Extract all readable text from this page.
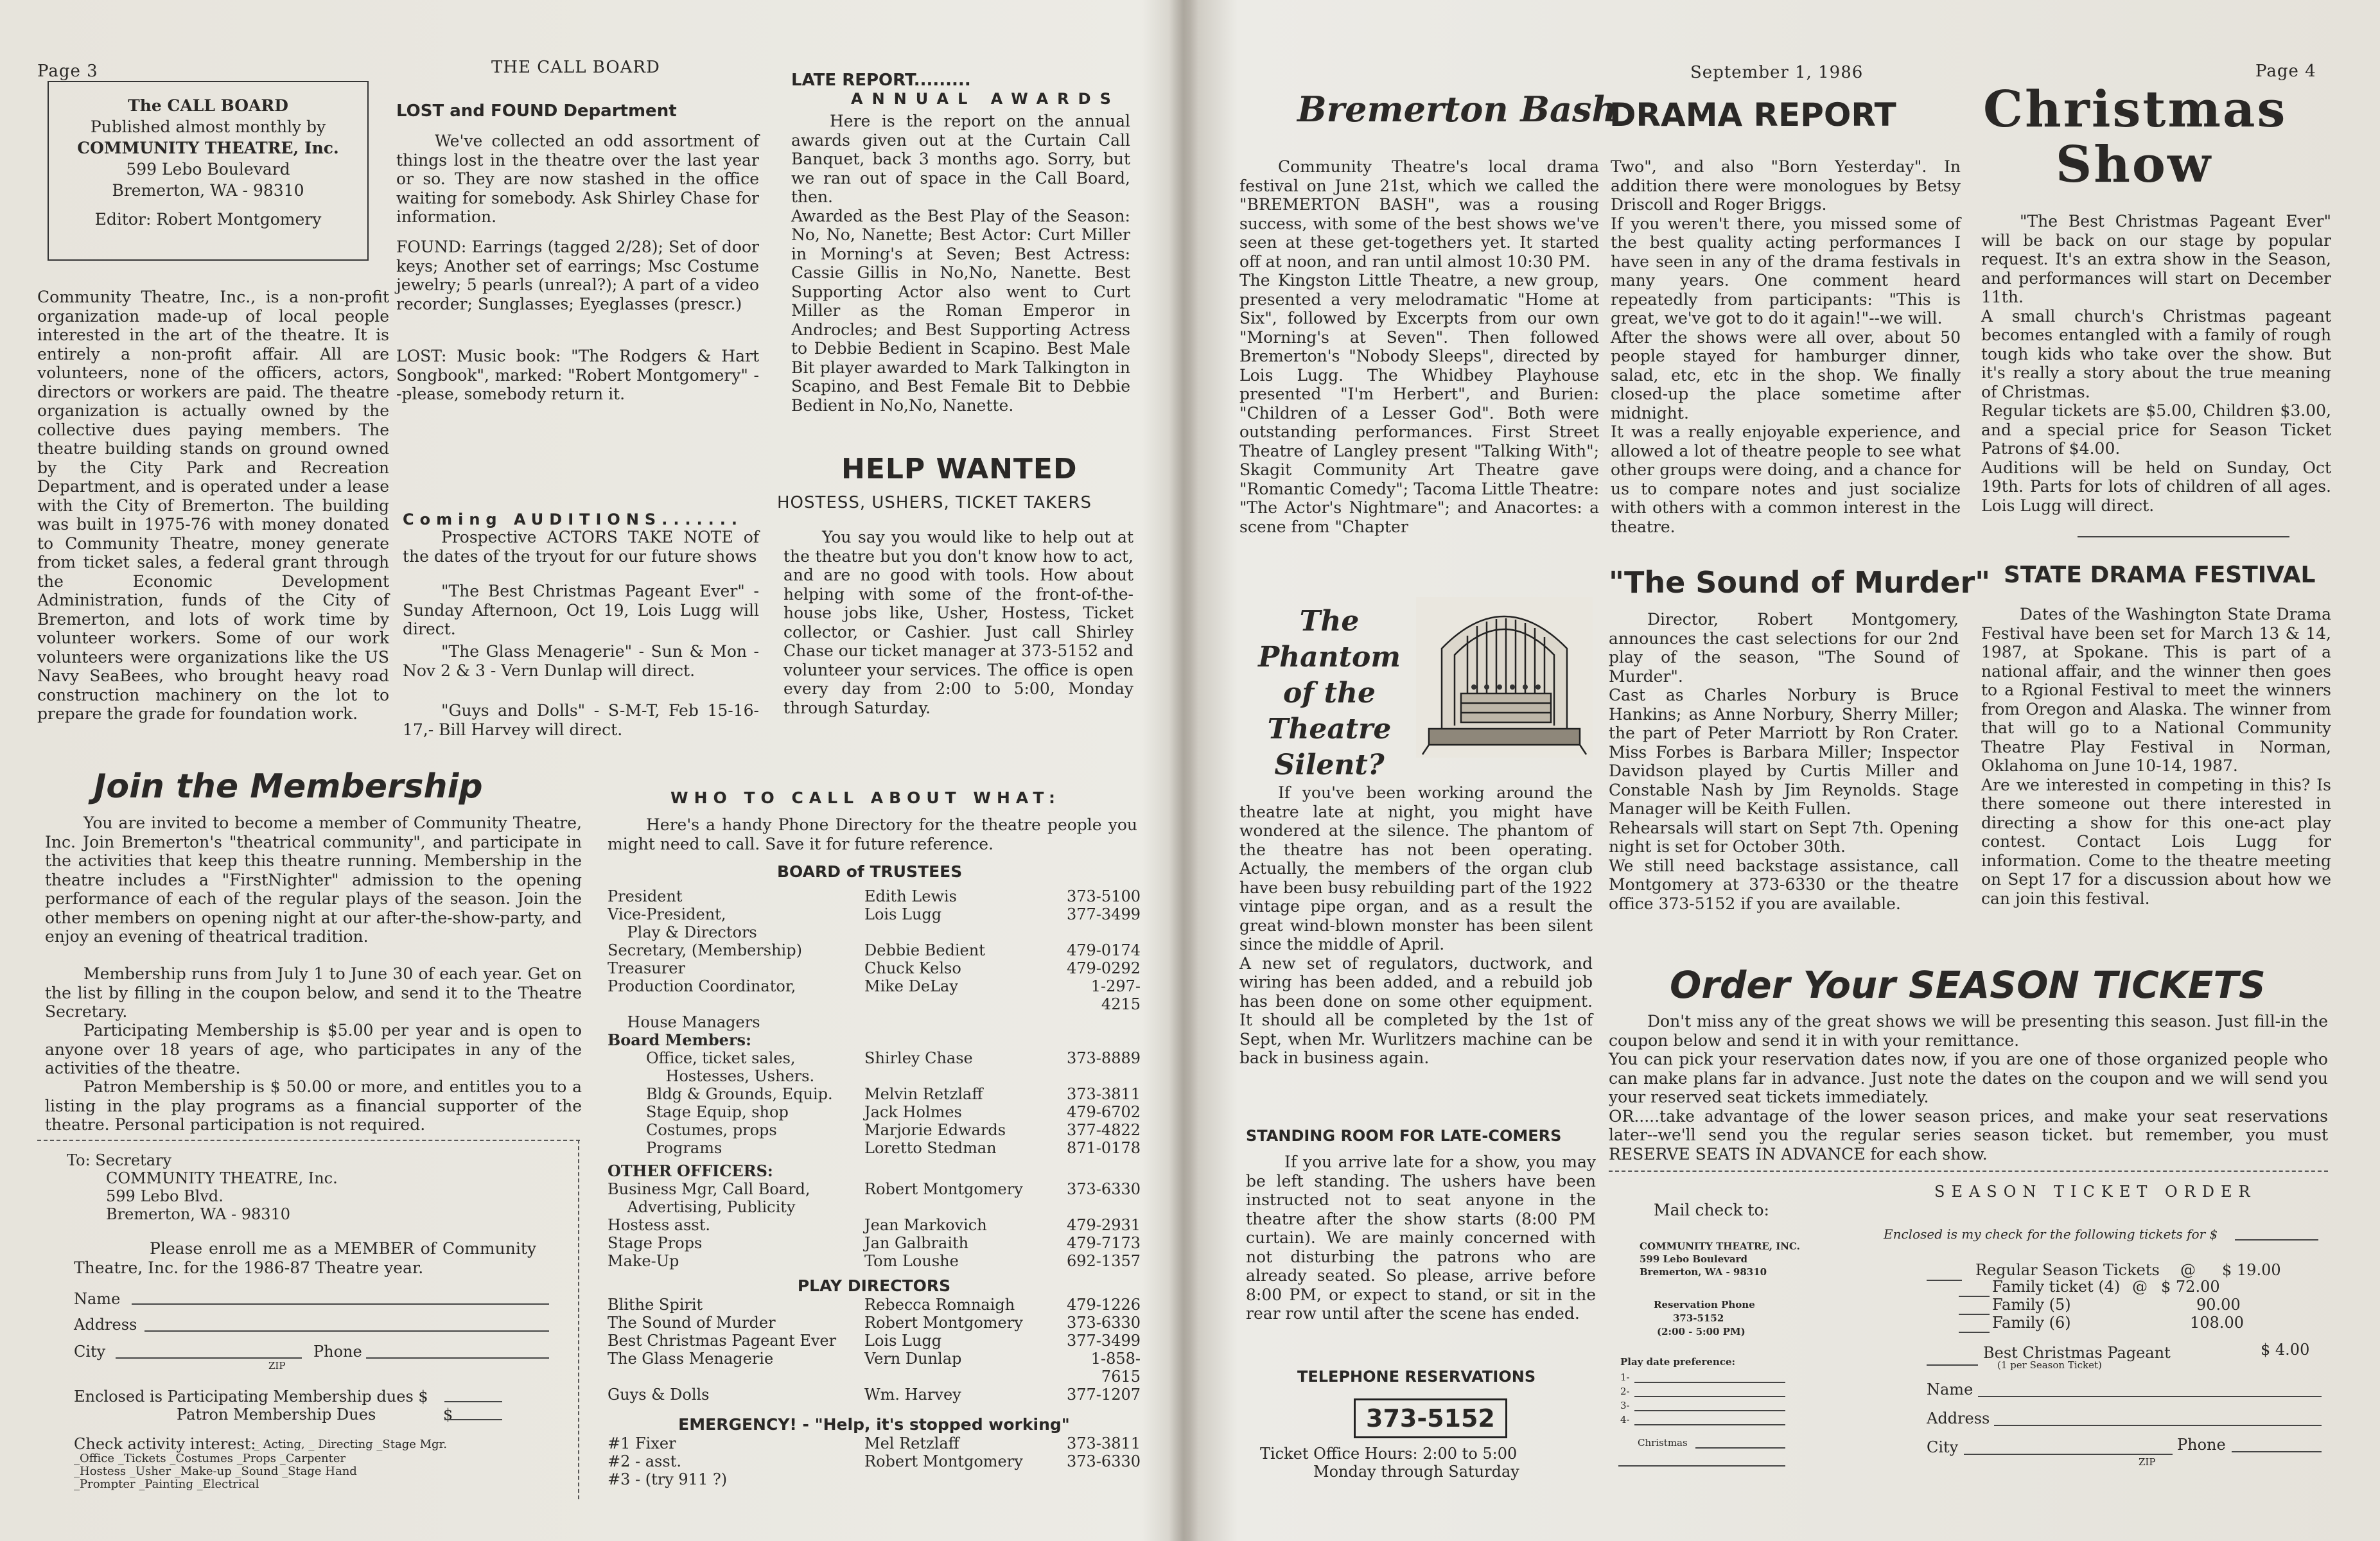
Page 3	THE CALL BOARD
The CALL BOARD
Published almost monthly by
COMMUNITY THEATRE, Inc.
599 Lebo Boulevard
Bremerton, WA - 98310
Editor: Robert Montgomery
Community Theatre, Inc., is a non-profit organization made-up of local people interested in the art of the theatre. It is entirely a non-profit affair. All are volunteers, none of the officers, actors, directors or workers are paid. The theatre organization is actually owned by the collective dues paying members. The theatre building stands on ground owned by the City Park and Recreation Department, and is operated under a lease with the City of Bremerton. The building was built in 1975-76 with money donated to Community Theatre, money generate from ticket sales, a federal grant through the Economic Development Administration, funds of the City of Bremerton, and lots of work time by volunteer workers. Some of our work volunteers were organizations like the US Navy SeaBees, who brought heavy road construction machinery on the lot to prepare the grade for foundation work.
LOST and FOUND Department
We've collected an odd assortment of things lost in the theatre over the last year or so. They are now stashed in the office waiting for somebody. Ask Shirley Chase for information.
FOUND: Earrings (tagged 2/28); Set of door keys; Another set of earrings; Msc Costume jewelry; 5 pearls (unreal?); A part of a video recorder; Sunglasses; Eyeglasses (prescr.)
LOST: Music book: "The Rodgers & Hart Songbook", marked: "Robert Montgomery" --please, somebody return it.
Coming AUDITIONS.......
Prospective ACTORS TAKE NOTE of the dates of the tryout for our future shows
"The Best Christmas Pageant Ever" - Sunday Afternoon, Oct 19, Lois Lugg will direct.
"The Glass Menagerie" - Sun & Mon - Nov 2 & 3 - Vern Dunlap will direct.
"Guys and Dolls" - S-M-T, Feb 15-16-17,- Bill Harvey will direct.
LATE REPORT.........
ANNUAL AWARDS
Here is the report on the annual awards given out at the Curtain Call Banquet, back 3 months ago. Sorry, but we ran out of space in the Call Board, then.
Awarded as the Best Play of the Season: No, No, Nanette; Best Actor: Curt Miller in Morning's at Seven; Best Actress: Cassie Gillis in No,No, Nanette. Best Supporting Actor also went to Curt Miller as the Roman Emperor in Androcles; and Best Supporting Actress to Debbie Bedient in Scapino. Best Male Bit player awarded to Mark Talkington in Scapino, and Best Female Bit to Debbie Bedient in No,No, Nanette.
HELP WANTED
HOSTESS, USHERS, TICKET TAKERS
You say you would like to help out at the theatre but you don't know how to act, and are no good with tools. How about helping with some of the front-of-the-house jobs like, Usher, Hostess, Ticket collector, or Cashier. Just call Shirley Chase our ticket manager at 373-5152 and volunteer your services. The office is open every day from 2:00 to 5:00, Monday through Saturday.
Join the Membership
You are invited to become a member of Community Theatre, Inc. Join Bremerton's "theatrical community", and participate in the activities that keep this theatre running. Membership in the theatre includes a "FirstNighter" admission to the opening performance of each of the regular plays of the season. Join the other members on opening night at our after-the-show-party, and enjoy an evening of theatrical tradition.
Membership runs from July 1 to June 30 of each year. Get on the list by filling in the coupon below, and send it to the Theatre Secretary.
Participating Membership is $5.00 per year and is open to anyone over 18 years of age, who participates in any of the activities of the theatre.
Patron Membership is $ 50.00 or more, and entitles you to a listing in the play programs as a financial supporter of the theatre. Personal participation is not required.
To: Secretary
COMMUNITY THEATRE, Inc.
599 Lebo Blvd.
Bremerton, WA - 98310
Please enroll me as a MEMBER of Community Theatre, Inc. for the 1986-87 Theatre year.
Name
Address
City	Phone
ZIP
Enclosed is Participating Membership dues $
Patron Membership Dues	$
Check activity interest:
_ Acting, _ Directing _Stage Mgr.
_Office _Tickets _Costumes _Props _Carpenter
_Hostess _Usher _Make-up _Sound _Stage Hand
_Prompter _Painting _Electrical
WHO TO CALL ABOUT WHAT:
Here's a handy Phone Directory for the theatre people you might need to call. Save it for future reference.
BOARD of TRUSTEES
President	Edith Lewis	373-5100
Vice-President,	Lois Lugg	377-3499
Play & Directors		
Secretary, (Membership)	Debbie Bedient	479-0174
Treasurer	Chuck Kelso	479-0292
Production Coordinator,	Mike DeLay	1-297-4215
House Managers		
Board Members:
Office, ticket sales,	Shirley Chase	373-8889
Hostesses, Ushers.		
Bldg & Grounds, Equip.	Melvin Retzlaff	373-3811
Stage Equip, shop	Jack Holmes	479-6702
Costumes, props	Marjorie Edwards	377-4822
Programs	Loretto Stedman	871-0178
OTHER OFFICERS:
Business Mgr, Call Board,	Robert Montgomery	373-6330
Advertising, Publicity		
Hostess asst.	Jean Markovich	479-2931
Stage Props	Jan Galbraith	479-7173
Make-Up	Tom Loushe	692-1357
PLAY DIRECTORS
Blithe Spirit	Rebecca Romnaigh	479-1226
The Sound of Murder	Robert Montgomery	373-6330
Best Christmas Pageant Ever	Lois Lugg	377-3499
The Glass Menagerie	Vern Dunlap	1-858-7615
Guys & Dolls	Wm. Harvey	377-1207
EMERGENCY! - "Help, it's stopped working"
#1 Fixer	Mel Retzlaff	373-3811
#2 - asst.	Robert Montgomery	373-6330
#3 - (try 911 ?)		
September 1, 1986	Page 4
Bremerton Bash
DRAMA REPORT
Community Theatre's local drama festival on June 21st, which we called the "BREMERTON BASH", was a rousing success, with some of the best shows we've seen at these get-togethers yet. It started off at noon, and ran until almost 10:30 PM.
The Kingston Little Theatre, a new group, presented a very melodramatic "Home at Six", followed by Excerpts from our own "Morning's at Seven". Then followed Bremerton's "Nobody Sleeps", directed by Lois Lugg. The Whidbey Playhouse presented "I'm Herbert", and Burien: "Children of a Lesser God". Both were outstanding performances. First Street Theatre of Langley present "Talking With"; Skagit Community Art Theatre gave "Romantic Comedy"; Tacoma Little Theatre: "The Actor's Nightmare"; and Anacortes: a scene from "Chapter
Two", and also "Born Yesterday". In addition there were monologues by Betsy Driscoll and Roger Briggs.
If you weren't there, you missed some of the best quality acting performances I have seen in any of the drama festivals in many years. One comment heard repeatedly from participants: "This is great, we've got to do it again!"--we will.
After the shows were all over, about 50 people stayed for hamburger dinner, salad, etc, etc in the shop. We finally closed-up the place sometime after midnight.
It was a really enjoyable experience, and allowed a lot of theatre people to see what other groups were doing, and a chance for us to compare notes and just socialize with others with a common interest in the theatre.
The Phantom
of the
Theatre
Silent?
If you've been working around the theatre late at night, you might have wondered at the silence. The phantom of the theatre has not been operating. Actually, the members of the organ club have been busy rebuilding part of the 1922 vintage pipe organ, and as a result the great wind-blown monster has been silent since the middle of April.
A new set of regulators, ductwork, and wiring has been added, and a rebuild job has been done on some other equipment. It should all be completed by the 1st of Sept, when Mr. Wurlitzers machine can be back in business again.
STANDING ROOM FOR LATE-COMERS
If you arrive late for a show, you may be left standing. The ushers have been instructed not to seat anyone in the theatre after the show starts (8:00 PM curtain). We are mainly concerned with not disturbing the patrons who are already seated. So please, arrive before 8:00 PM, or expect to stand, or sit in the rear row until after the scene has ended.
TELEPHONE RESERVATIONS
373-5152
Ticket Office Hours: 2:00 to 5:00
Monday through Saturday
"The Sound of Murder"
Director, Robert Montgomery, announces the cast selections for our 2nd play of the season, "The Sound of Murder".
Cast as Charles Norbury is Bruce Hankins; as Anne Norbury, Sherry Miller; the part of Peter Marriott by Ron Crater. Miss Forbes is Barbara Miller; Inspector Davidson played by Curtis Miller and Constable Nash by Jim Reynolds. Stage Manager will be Keith Fullen.
Rehearsals will start on Sept 7th. Opening night is set for October 30th.
We still need backstage assistance, call Montgomery at 373-6330 or the theatre office 373-5152 if you are available.
Christmas
Show
"The Best Christmas Pageant Ever" will be back on our stage by popular request. It's an extra show in the Season, and performances will start on December 11th.
A small church's Christmas pageant becomes entangled with a family of rough tough kids who take over the show. But it's really a story about the true meaning of Christmas.
Regular tickets are $5.00, Children $3.00, and a special price for Season Ticket Patrons of $4.00.
Auditions will be held on Sunday, Oct 19th. Parts for lots of children of all ages. Lois Lugg will direct.
STATE DRAMA FESTIVAL
Dates of the Washington State Drama Festival have been set for March 13 & 14, 1987, at Spokane. This is part of a national affair, and the winner then goes to a Rgional Festival to meet the winners from Oregon and Alaska. The winner from that will go to a National Community Theatre Play Festival in Norman, Oklahoma on June 10-14, 1987.
Are we interested in competing in this? Is there someone out there interested in directing a show for this one-act play contest. Contact Lois Lugg for information. Come to the theatre meeting on Sept 17 for a discussion about how we can join this festival.
Order Your SEASON TICKETS
Don't miss any of the great shows we will be presenting this season. Just fill-in the coupon below and send it in with your remittance.
You can pick your reservation dates now, if you are one of those organized people who can make plans far in advance. Just note the dates on the coupon and we will send you your reserved seat tickets immediately.
OR.....take advantage of the lower season prices, and make your seat reservations later--we'll send you the regular series season ticket. but remember, you must RESERVE SEATS IN ADVANCE for each show.
Mail check to:
COMMUNITY THEATRE, INC.
599 Lebo Boulevard
Bremerton, WA - 98310
Reservation Phone
373-5152
(2:00 - 5:00 PM)
Play date preference:
1-
2-
3-
4-
Christmas
SEASON TICKET ORDER
Enclosed is my check for the following tickets for $
Regular Season Tickets @ $ 19.00
Family ticket (4) @ $ 72.00
Family (5)	90.00
Family (6)	108.00
Best Christmas Pageant	$ 4.00
(1 per Season Ticket)
Name
Address
City	Phone
ZIP
